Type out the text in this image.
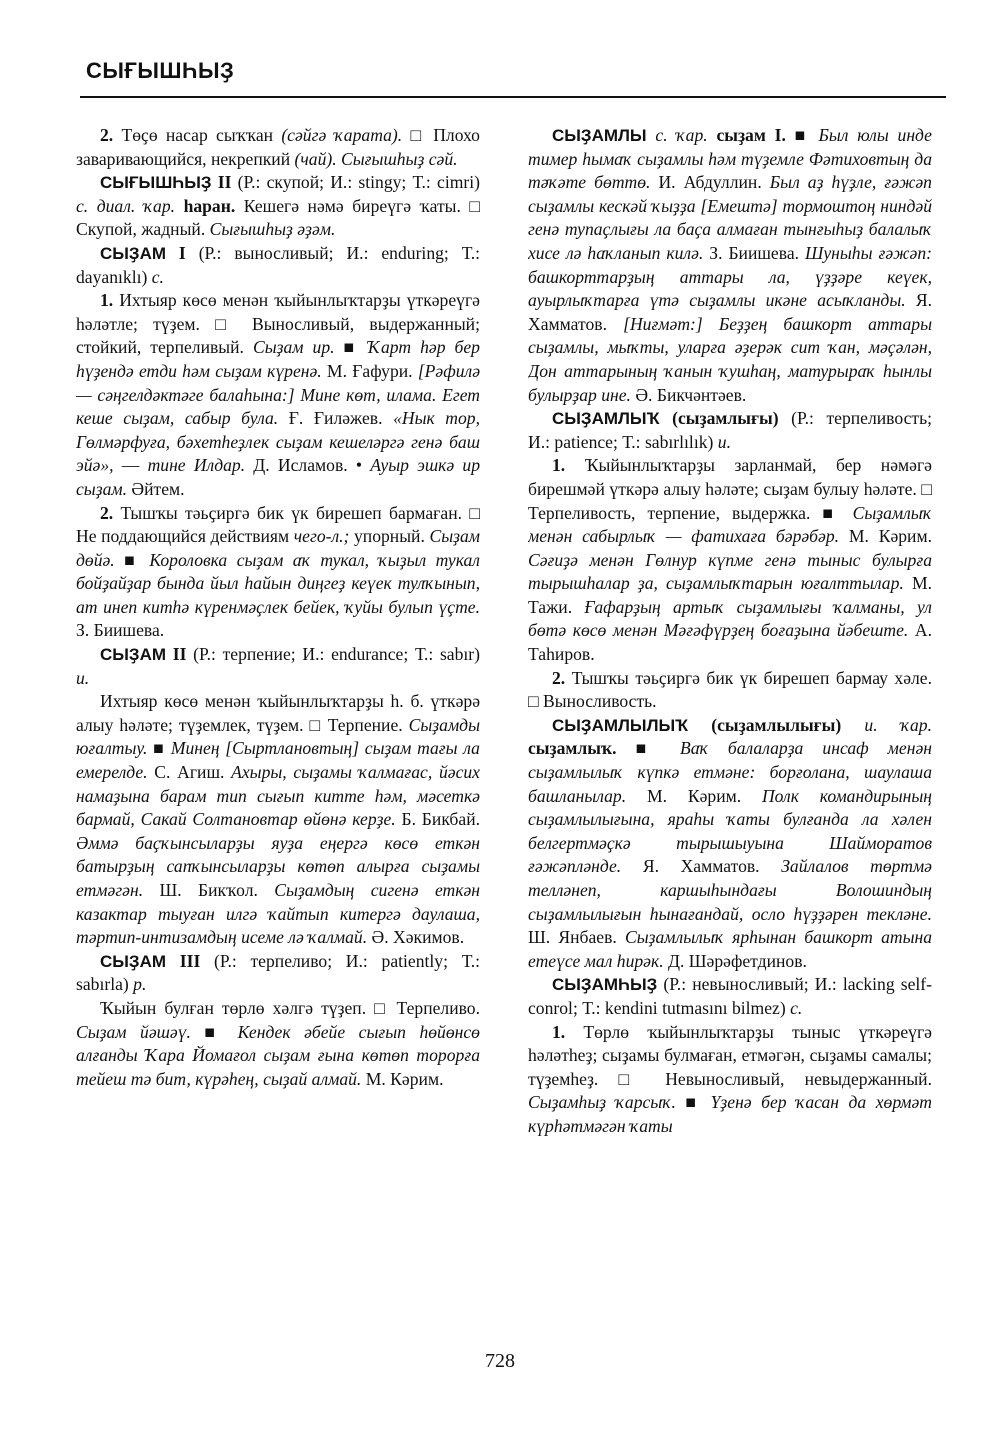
СЫҒЫШҺЫҘ

2. Төҫө насар сыҡҡан (сәйгә ҡарата). □ Плохо заваривающийся, некрепкий (чай). Сығышһыҙ сәй.

СЫҒЫШҺЫҘ II (Р.: скупой; И.: stingy; Т.: cimri) с. диал. ҡар. һаран. Кешегә нәмә биреүгә ҡаты. □ Скупой, жадный. Сығышһыҙ әҙәм.

СЫҘАМ I (Р.: выносливый; И.: enduring; Т.: dayanıklı) с.

1. Ихтыяр көсө менән ҡыйынлыҡтарҙы үткәреүгә һәләтле; түҙем. □ Выносливый, выдержанный; стойкий, терпеливый. Сыҙам ир. ■ Ҡарт һәр бер һүҙендә етди һәм сыҙам күренә. М. Ғафури. [Рәфилә — сәңгелдәктәге балаһына:] Мине көт, илама. Егет кеше сыҙам, сабыр була. Ғ. Ғиләжев. «Нык тор, Гөлмәрфуға, бәхетһеҙлек сыҙам кешеләргә генә баш эйә», — тине Илдар. Д. Исламов. • Ауыр эшкә ир сыҙам. Әйтем.

2. Тышҡы тәьҫиргә бик үк бирешеп бармаған. □ Не поддающийся действиям чего-л.; упорный. Сыҙам дөйә. ■ Короловка сыҙам аҡ тукал, ҡыҙыл тукал бойҙайҙар бында йыл һайын диңгеҙ кеүек тулҡынып, ат инеп китһә күренмәҫлек бейек, ҡуйы булып үҫте. З. Биишева.

СЫҘАМ II (Р.: терпение; И.: endurance; Т.: sabır) и.

Ихтыяр көсө менән ҡыйынлыҡтарҙы һ. б. үткәрә алыу һәләте; түҙемлек, түҙем. □ Терпение. Сыҙамды юғалтыу. ■ Минең [Сыртлановтың] сыҙам тағы ла емерелде. С. Агиш. Ахыры, сыҙамы ҡалмағас, йәсих намаҙына барам тип сығып китте һәм, мәсеткә бармай, Сакай Солтановтар өйөнә керҙе. Б. Бикбай. Әммә баҫҡынсыларҙы яуҙа еңергә көсө еткән батырҙың сапҡынсыларҙы көтөп алырға сыҙамы етмәгән. Ш. Бикҡол. Сыҙамдың сигенә еткән казактар тыуған илгә ҡайтып китергә даулаша, тәртип-интизамдың исеме лә ҡалмай. Ә. Хәкимов.

СЫҘАМ III (Р.: терпеливо; И.: patiently; Т.: sabırla) р.

Ҡыйын булған төрлө хәлгә түҙеп. □ Терпеливо. Сыҙам йәшәү. ■ Кендек әбейе сығып һөйөнсө алғанды Ҡара Йомағол сыҙам ғына көтөп торорға тейеш тә бит, күрәһең, сыҙай алмай. М. Кәрим.

СЫҘАМЛЫ с. ҡар. сыҙам I. ■ Был юлы инде тимер һымаҡ сыҙамлы һәм түҙемле Фәтиховтың да тәҡәте бөттө. И. Абдуллин. Был аҙ һүҙле, ғәжәп сыҙамлы кескәй ҡыҙҙа [Емештә] тормоштоң ниндәй генә тупаҫлығы ла баҫа алмаған тынғыһыҙ балалыҡ хисе лә һаҡланып килә. З. Биишева. Шуныһы ғәжәп: башкорттарҙың аттары ла, үҙҙәре кеүек, ауырлыҡтарға үтә сыҙамлы икәне асыҡланды. Я. Хамматов. [Ниғмәт:] Беҙҙең башкорт аттары сыҙамлы, мыҡты, уларға әҙерәк сит ҡан, мәҫәлән, Дон аттарының ҡанын ҡушһаң, матурыраҡ һынлы булырҙар ине. Ә. Бикчәнтәев.

СЫҘАМЛЫҠ (сыҙамлығы) (Р.: терпеливость; И.: patience; Т.: sabırlılık) и.

1. Ҡыйынлыҡтарҙы зарланмай, бер нәмәгә бирешмәй үткәрә алыу һәләте; сыҙам булыу һәләте. □ Терпеливость, терпение, выдержка. ■ Сыҙамлыҡ менән сабырлыҡ — фатихаға бәрәбәр. М. Кәрим. Сәғиҙә менән Гөлнур күпме генә тыныс булырға тырышһалар ҙа, сыҙамлыҡтарын юғалттылар. М. Тажи. Ғафарҙың артыҡ сыҙамлығы ҡалманы, ул бөтә көсө менән Мәғәфүрҙең боғаҙына йәбеште. А. Таһиров.

2. Тышҡы тәьҫиргә бик үк бирешеп бармау хәле. □ Выносливость.

СЫҘАМЛЫЛЫҠ (сыҙамлылығы) и. ҡар. сыҙамлыҡ. ■ Ваҡ балаларҙа инсаф менән сыҙамлылыҡ күпкә етмәне: борғолана, шаулаша башланылар. М. Кәрим. Полк командирының сыҙамлылығына, яраһы ҡаты булғанда ла хәлен белгертмәҫкә тырышыуына Шайморатов ғәжәпләнде. Я. Хамматов. Зайлалов төртмә телләнеп, каршыһындағы Волошиндың сыҙамлылығын һынағандай, осло һүҙҙәрен текләне. Ш. Янбаев. Сыҙамлылыҡ ярһынан башкорт атына етеүсе мал һирәк. Д. Шәрәфетдинов.

СЫҘАМҺЫҘ (Р.: невыносливый; И.: lacking self-conrol; Т.: kendini tutmasını bilmez) с.

1. Төрлө ҡыйынлыҡтарҙы тыныс үткәреүгә һәләтһеҙ; сыҙамы булмаған, етмәгән, сыҙамы самалы; түҙемһеҙ. □ Невыносливый, невыдержанный. Сыҙамһыҙ ҡарсыҡ. ■ Үҙенә бер ҡасан да хөрмәт күрһәтмәгән ҡаты

728
